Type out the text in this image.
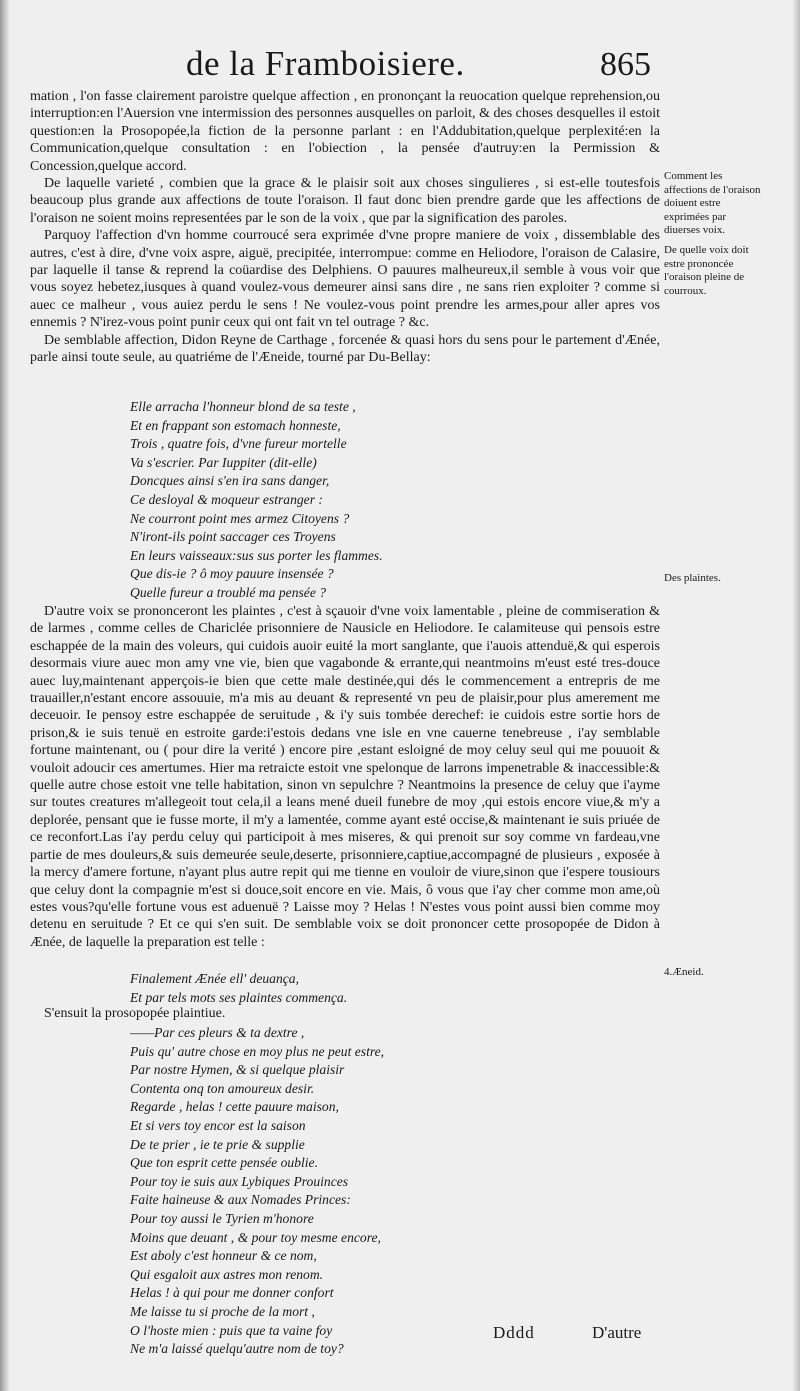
de la Framboisiere.	865

mation , l'on fasse clairement paroistre quelque affection , en prononçant la reuocation quelque reprehension,ou interruption:en l'Auersion vne intermission des personnes ausquelles on parloit, & des choses desquelles il estoit question:en la Prosopopée,la fiction de la personne parlant : en l'Addubitation,quelque perplexité:en la Communication,quelque consultation : en l'obiection , la pensée d'autruy:en la Permission & Concession,quelque accord.

De laquelle varieté , combien que la grace & le plaisir soit aux choses singulieres , si est-elle toutesfois beaucoup plus grande aux affections de toute l'oraison. Il faut donc bien prendre garde que les affections de l'oraison ne soient moins representées par le son de la voix , que par la signification des paroles.

Parquoy l'affection d'vn homme courroucé sera exprimée d'vne propre maniere de voix , dissemblable des autres, c'est à dire, d'vne voix aspre, aiguë, precipitée, interrompue: comme en Heliodore, l'oraison de Calasire, par laquelle il tanse & reprend la coüardise des Delphiens. O pauures malheureux,il semble à vous voir que vous soyez hebetez,iusques à quand voulez-vous demeurer ainsi sans dire , ne sans rien exploiter ? comme si auec ce malheur , vous auiez perdu le sens ! Ne voulez-vous point prendre les armes,pour aller apres vos ennemis ? N'irez-vous point punir ceux qui ont fait vn tel outrage ? &c.

De semblable affection, Didon Reyne de Carthage , forcenée & quasi hors du sens pour le partement d'Ænée, parle ainsi toute seule, au quatriéme de l'Æneide, tourné par Du-Bellay:

Elle arracha l'honneur blond de sa teste ,
Et en frappant son estomach honneste,
Trois , quatre fois, d'vne fureur mortelle
Va s'escrier. Par Iuppiter (dit-elle)
Doncques ainsi s'en ira sans danger,
Ce desloyal & moqueur estranger :
Ne courront point mes armez Citoyens ?
N'iront-ils point saccager ces Troyens
En leurs vaisseaux:sus sus porter les flammes.
Que dis-ie ? ô moy pauure insensée ?
Quelle fureur a troublé ma pensée ?

D'autre voix se prononceront les plaintes , c'est à sçauoir d'vne voix lamentable , pleine de commiseration & de larmes , comme celles de Chariclée prisonniere de Nausicle en Heliodore. Ie calamiteuse qui pensois estre eschappée de la main des voleurs, qui cuidois auoir euité la mort sanglante, que i'auois attenduë,& qui esperois desormais viure auec mon amy vne vie, bien que vagabonde & errante,qui neantmoins m'eust esté tres-douce auec luy,maintenant apperçois-ie bien que cette male destinée,qui dés le commencement a entrepris de me trauailler,n'estant encore assouuie, m'a mis au deuant & representé vn peu de plaisir,pour plus amerement me deceuoir. Ie pensoy estre eschappée de seruitude , & i'y suis tombée derechef: ie cuidois estre sortie hors de prison,& ie suis tenuë en estroite garde:i'estois dedans vne isle en vne cauerne tenebreuse , i'ay semblable fortune maintenant, ou ( pour dire la verité ) encore pire ,estant esloigné de moy celuy seul qui me pouuoit & vouloit adoucir ces amertumes. Hier ma retraicte estoit vne spelonque de larrons impenetrable & inaccessible:& quelle autre chose estoit vne telle habitation, sinon vn sepulchre ? Neantmoins la presence de celuy que i'ayme sur toutes creatures m'allegeoit tout cela,il a leans mené dueil funebre de moy ,qui estois encore viue,& m'y a deplorée, pensant que ie fusse morte, il m'y a lamentée, comme ayant esté occise,& maintenant ie suis priuée de ce reconfort.Las i'ay perdu celuy qui participoit à mes miseres, & qui prenoit sur soy comme vn fardeau,vne partie de mes douleurs,& suis demeurée seule,deserte, prisonniere,captiue,accompagné de plusieurs , exposée à la mercy d'amere fortune, n'ayant plus autre repit qui me tienne en vouloir de viure,sinon que i'espere tousiours que celuy dont la compagnie m'est si douce,soit encore en vie. Mais, ô vous que i'ay cher comme mon ame,où estes vous?qu'elle fortune vous est aduenuë ? Laisse moy ? Helas ! N'estes vous point aussi bien comme moy detenu en seruitude ? Et ce qui s'en suit. De semblable voix se doit prononcer cette prosopopée de Didon à Ænée, de laquelle la preparation est telle :

Finalement Ænée ell' deuança,
Et par tels mots ses plaintes commença.
S'ensuit la prosopopée plaintiue.
——Par ces pleurs & ta dextre ,
Puis qu' autre chose en moy plus ne peut estre,
Par nostre Hymen, & si quelque plaisir
Contenta onq ton amoureux desir.
Regarde , helas ! cette pauure maison,
Et si vers toy encor est la saison
De te prier , ie te prie & supplie
Que ton esprit cette pensée oublie.
Pour toy ie suis aux Lybiques Prouinces
Faite haineuse & aux Nomades Princes:
Pour toy aussi le Tyrien m'honore
Moins que deuant , & pour toy mesme encore,
Est aboly c'est honneur & ce nom,
Qui esgaloit aux astres mon renom.
Helas ! à qui pour me donner confort
Me laisse tu si proche de la mort ,
O l'hoste mien : puis que ta vaine foy
Ne m'a laissé quelqu'autre nom de toy?
Comment les affections de l'oraison doiuent estre exprimées par diuerses voix.
De quelle voix doit estre prononcée l'oraison pleine de courroux.
Des plaintes.
4.Æneid.
Dddd	D'autre
